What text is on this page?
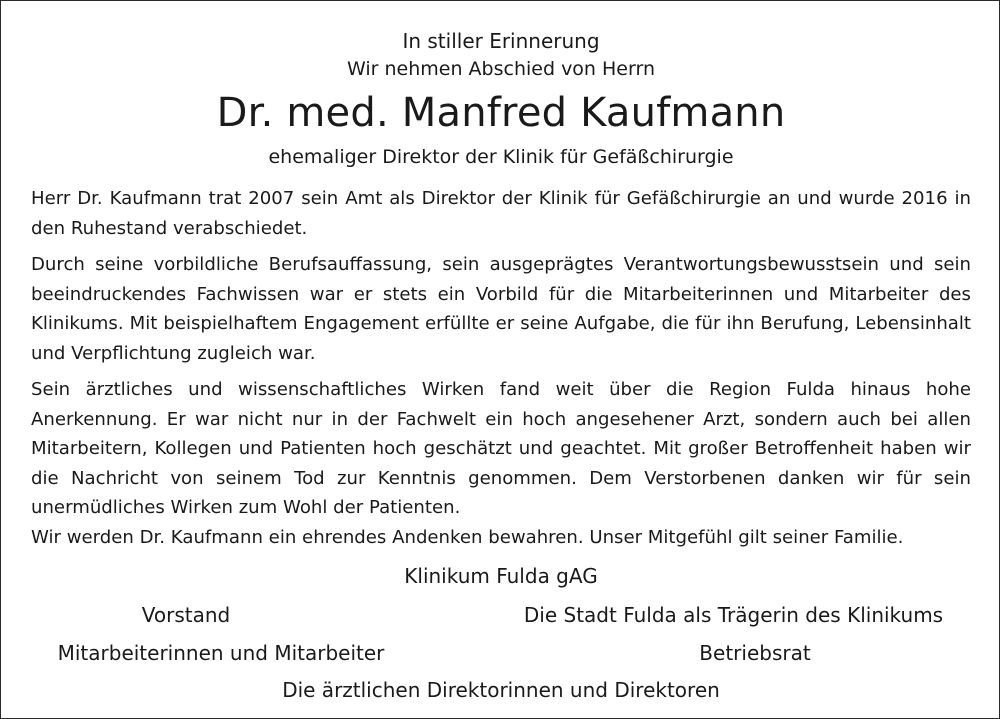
In stiller Erinnerung
Wir nehmen Abschied von Herrn
Dr. med. Manfred Kaufmann
ehemaliger Direktor der Klinik für Gefäßchirurgie

Herr Dr. Kaufmann trat 2007 sein Amt als Direktor der Klinik für Gefäßchirurgie an und wurde 2016 in den Ruhestand verabschiedet.

Durch seine vorbildliche Berufsauffassung, sein ausgeprägtes Verantwortungsbewusstsein und sein beeindruckendes Fachwissen war er stets ein Vorbild für die Mitarbeiterinnen und Mitarbeiter des Klinikums. Mit beispielhaftem Engagement erfüllte er seine Aufgabe, die für ihn Berufung, Lebensinhalt und Verpflichtung zugleich war.

Sein ärztliches und wissenschaftliches Wirken fand weit über die Region Fulda hinaus hohe Anerkennung. Er war nicht nur in der Fachwelt ein hoch angesehener Arzt, sondern auch bei allen Mitarbeitern, Kollegen und Patienten hoch geschätzt und geachtet. Mit großer Betroffenheit haben wir die Nachricht von seinem Tod zur Kenntnis genommen. Dem Verstorbenen danken wir für sein unermüdliches Wirken zum Wohl der Patienten.

Wir werden Dr. Kaufmann ein ehrendes Andenken bewahren. Unser Mitgefühl gilt seiner Familie.

Klinikum Fulda gAG
Vorstand	Die Stadt Fulda als Trägerin des Klinikums
Mitarbeiterinnen und Mitarbeiter	Betriebsrat
Die ärztlichen Direktorinnen und Direktoren
